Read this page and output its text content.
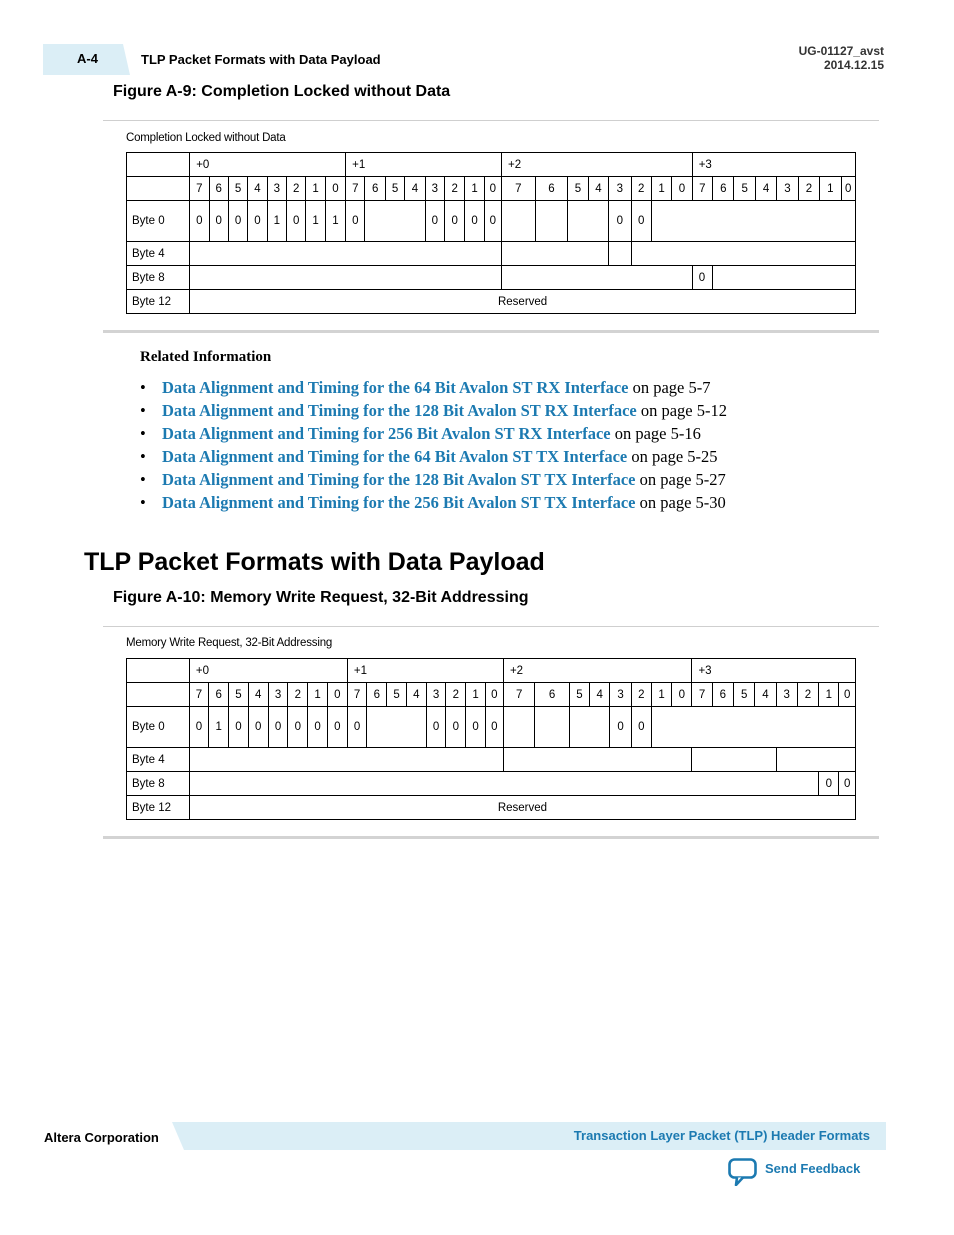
A-4	TLP Packet Formats with Data Payload
UG-01127_avst
2014.12.15
Figure A-9: Completion Locked without Data
Completion Locked without Data
	+0								+1								+2								+3							
	7	6	5	4	3	2	1	0	7	6	5	4	3	2	1	0	7	6	5	4	3	2	1	0	7	6	5	4	3	2	1	0
Byte 0	0	0	0	0	1	0	1	1	0				0	0	0	0					0	0										
Byte 4																																
Byte 8																									0							
Byte 12	Reserved																															
Related Information
• Data Alignment and Timing for the 64 Bit Avalon ST RX Interface on page 5-7
• Data Alignment and Timing for the 128 Bit Avalon ST RX Interface on page 5-12
• Data Alignment and Timing for 256 Bit Avalon ST RX Interface on page 5-16
• Data Alignment and Timing for the 64 Bit Avalon ST TX Interface on page 5-25
• Data Alignment and Timing for the 128 Bit Avalon ST TX Interface on page 5-27
• Data Alignment and Timing for the 256 Bit Avalon ST TX Interface on page 5-30
TLP Packet Formats with Data Payload
Figure A-10: Memory Write Request, 32-Bit Addressing
Memory Write Request, 32-Bit Addressing
	+0								+1								+2								+3							
	7	6	5	4	3	2	1	0	7	6	5	4	3	2	1	0	7	6	5	4	3	2	1	0	7	6	5	4	3	2	1	0
Byte 0	0	1	0	0	0	0	0	0	0				0	0	0	0					0	0										
Byte 4																																
Byte 8																															0	0
Byte 12	Reserved																															
Altera Corporation	Transaction Layer Packet (TLP) Header Formats
Send Feedback
